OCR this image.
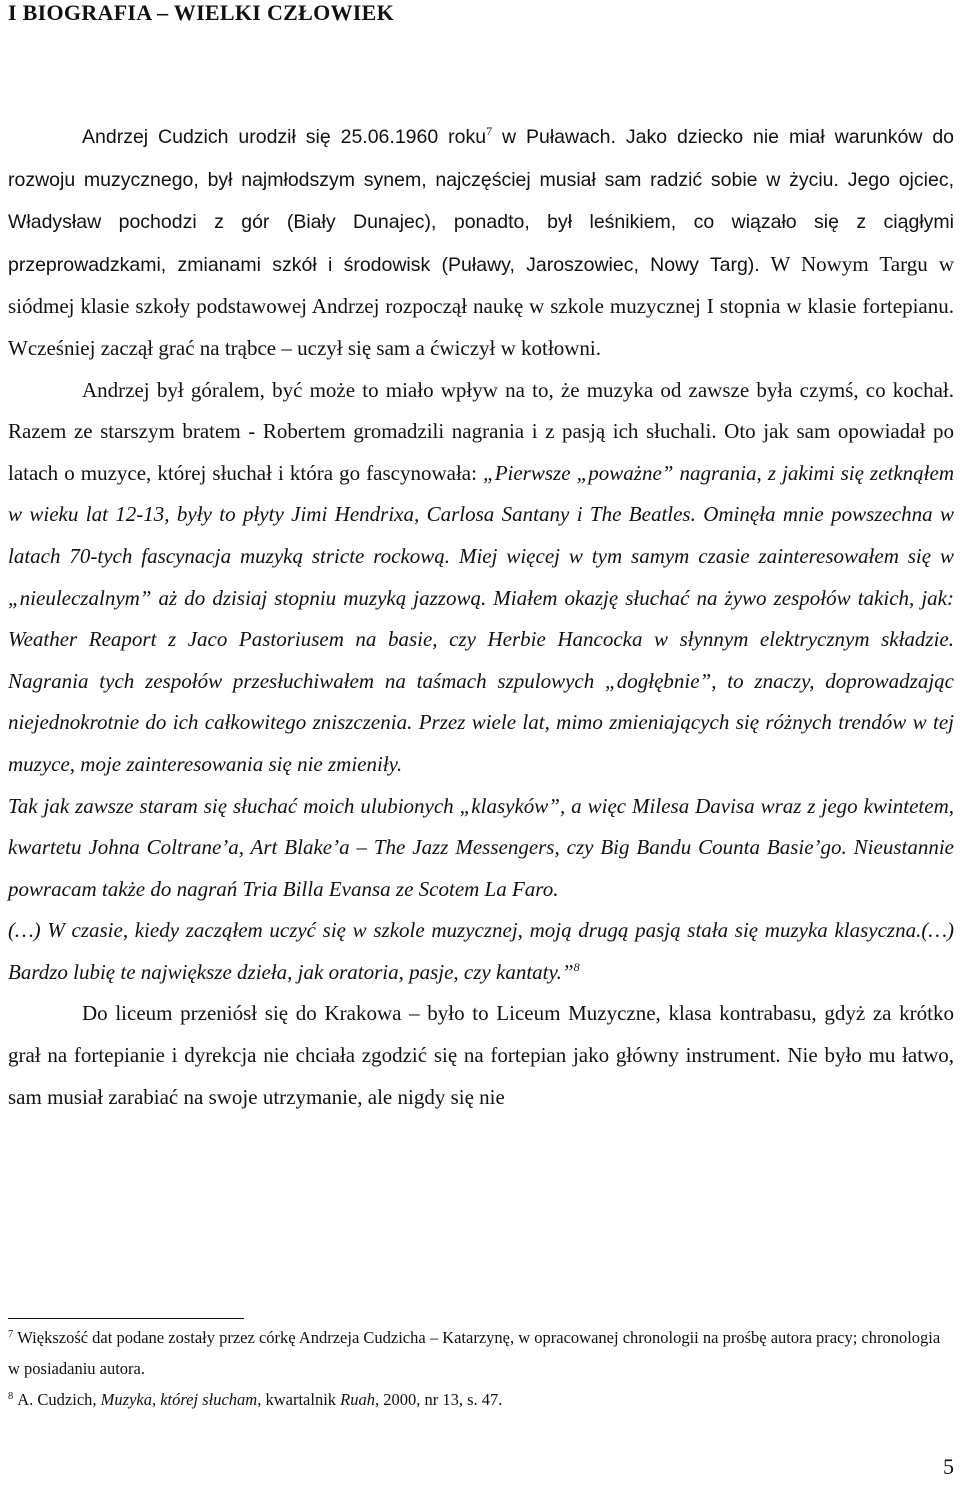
I BIOGRAFIA – WIELKI CZŁOWIEK

Andrzej Cudzich urodził się 25.06.1960 roku$^7$ w Puławach. Jako dziecko nie miał warunków do rozwoju muzycznego, był najmłodszym synem, najczęściej musiał sam radzić sobie w życiu. Jego ojciec, Władysław pochodzi z gór (Biały Dunajec), ponadto, był leśnikiem, co wiązało się z ciągłymi przeprowadzkami, zmianami szkół i środowisk (Puławy, Jaroszowiec, Nowy Targ). W Nowym Targu w siódmej klasie szkoły podstawowej Andrzej rozpoczął naukę w szkole muzycznej I stopnia w klasie fortepianu. Wcześniej zaczął grać na trąbce – uczył się sam a ćwiczył w kotłowni.

Andrzej był góralem, być może to miało wpływ na to, że muzyka od zawsze była czymś, co kochał. Razem ze starszym bratem - Robertem gromadzili nagrania i z pasją ich słuchali. Oto jak sam opowiadał po latach o muzyce, której słuchał i która go fascynowała: „Pierwsze „poważne” nagrania, z jakimi się zetknąłem w wieku lat 12-13, były to płyty Jimi Hendrixa, Carlosa Santany i The Beatles. Ominęła mnie powszechna w latach 70-tych fascynacja muzyką stricte rockową. Miej więcej w tym samym czasie zainteresowałem się w „nieuleczalnym” aż do dzisiaj stopniu muzyką jazzową. Miałem okazję słuchać na żywo zespołów takich, jak: Weather Reaport z Jaco Pastoriusem na basie, czy Herbie Hancocka w słynnym elektrycznym składzie. Nagrania tych zespołów przesłuchiwałem na taśmach szpulowych „dogłębnie”, to znaczy, doprowadzając niejednokrotnie do ich całkowitego zniszczenia. Przez wiele lat, mimo zmieniających się różnych trendów w tej muzyce, moje zainteresowania się nie zmieniły.

Tak jak zawsze staram się słuchać moich ulubionych „klasyków”, a więc Milesa Davisa wraz z jego kwintetem, kwartetu Johna Coltrane’a, Art Blake’a – The Jazz Messengers, czy Big Bandu Counta Basie’go. Nieustannie powracam także do nagrań Tria Billa Evansa ze Scotem La Faro.

(…) W czasie, kiedy zacząłem uczyć się w szkole muzycznej, moją drugą pasją stała się muzyka klasyczna.(…) Bardzo lubię te największe dzieła, jak oratoria, pasje, czy kantaty.”$^8$

Do liceum przeniósł się do Krakowa – było to Liceum Muzyczne, klasa kontrabasu, gdyż za krótko grał na fortepianie i dyrekcja nie chciała zgodzić się na fortepian jako główny instrument. Nie było mu łatwo, sam musiał zarabiać na swoje utrzymanie, ale nigdy się nie

$^7$ Większość dat podane zostały przez córkę Andrzeja Cudzicha – Katarzynę, w opracowanej chronologii na prośbę autora pracy; chronologia w posiadaniu autora.

$^8$ A. Cudzich, Muzyka, której słucham, kwartalnik Ruah, 2000, nr 13, s. 47.

5
